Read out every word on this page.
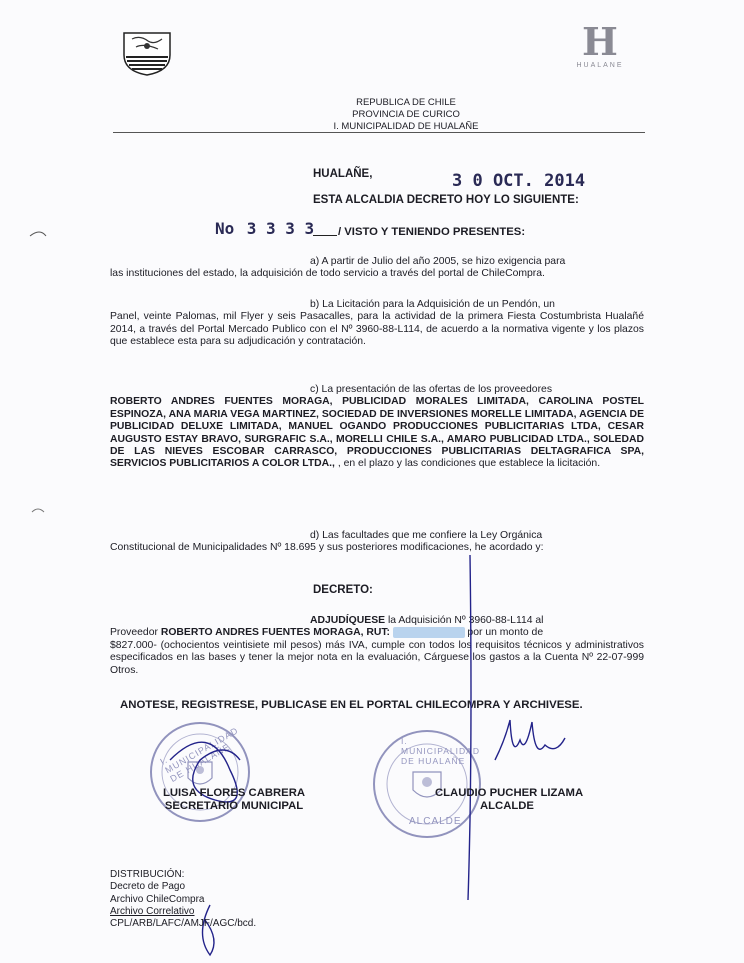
H
HUALANE
REPUBLICA DE CHILE
PROVINCIA DE CURICO
I. MUNICIPALIDAD DE HUALAÑE
HUALAÑE,	3 0 OCT. 2014
ESTA ALCALDIA DECRETO HOY LO SIGUIENTE:
No 3 3 3 3 / VISTO Y TENIENDO PRESENTES:
a) A partir de Julio del año 2005, se hizo exigencia para
las instituciones del estado, la adquisición de todo servicio a través del portal de ChileCompra.
b) La Licitación para la Adquisición de un Pendón, un
Panel, veinte Palomas, mil Flyer y seis Pasacalles, para la actividad de la primera Fiesta Costumbrista Hualañé 2014, a través del Portal Mercado Publico con el Nº 3960-88-L114, de acuerdo a la normativa vigente y los plazos que establece esta para su adjudicación y contratación.
c) La presentación de las ofertas de los proveedores
ROBERTO ANDRES FUENTES MORAGA, PUBLICIDAD MORALES LIMITADA, CAROLINA POSTEL ESPINOZA, ANA MARIA VEGA MARTINEZ, SOCIEDAD DE INVERSIONES MORELLE LIMITADA, AGENCIA DE PUBLICIDAD DELUXE LIMITADA, MANUEL OGANDO PRODUCCIONES PUBLICITARIAS LTDA, CESAR AUGUSTO ESTAY BRAVO, SURGRAFIC S.A., MORELLI CHILE S.A., AMARO PUBLICIDAD LTDA., SOLEDAD DE LAS NIEVES ESCOBAR CARRASCO, PRODUCCIONES PUBLICITARIAS DELTAGRAFICA SPA, SERVICIOS PUBLICITARIOS A COLOR LTDA., , en el plazo y las condiciones que establece la licitación.
d) Las facultades que me confiere la Ley Orgánica
Constitucional de Municipalidades Nº 18.695 y sus posteriores modificaciones, he acordado y:
DECRETO:
ADJUDÍQUESE la Adquisición Nº 3960-88-L114 al
Proveedor ROBERTO ANDRES FUENTES MORAGA, RUT:	por un monto de
$827.000- (ochocientos veintisiete mil pesos) más IVA, cumple con todos los requisitos técnicos y administrativos especificados en las bases y tener la mejor nota en la evaluación, Cárguese los gastos a la Cuenta Nº 22-07-999 Otros.
ANOTESE, REGISTRESE, PUBLICASE EN EL PORTAL CHILECOMPRA Y ARCHIVESE.
I. MUNICIPALIDAD DE HUALAÑE
I. MUNICIPALIDAD DE HUALAÑE
ALCALDE
LUISA FLORES CABRERA
SECRETARIO MUNICIPAL
CLAUDIO PUCHER LIZAMA
ALCALDE
DISTRIBUCIÓN:
Decreto de Pago
Archivo ChileCompra
Archivo Correlativo
CPL/ARB/LAFC/AMJF/AGC/bcd.
